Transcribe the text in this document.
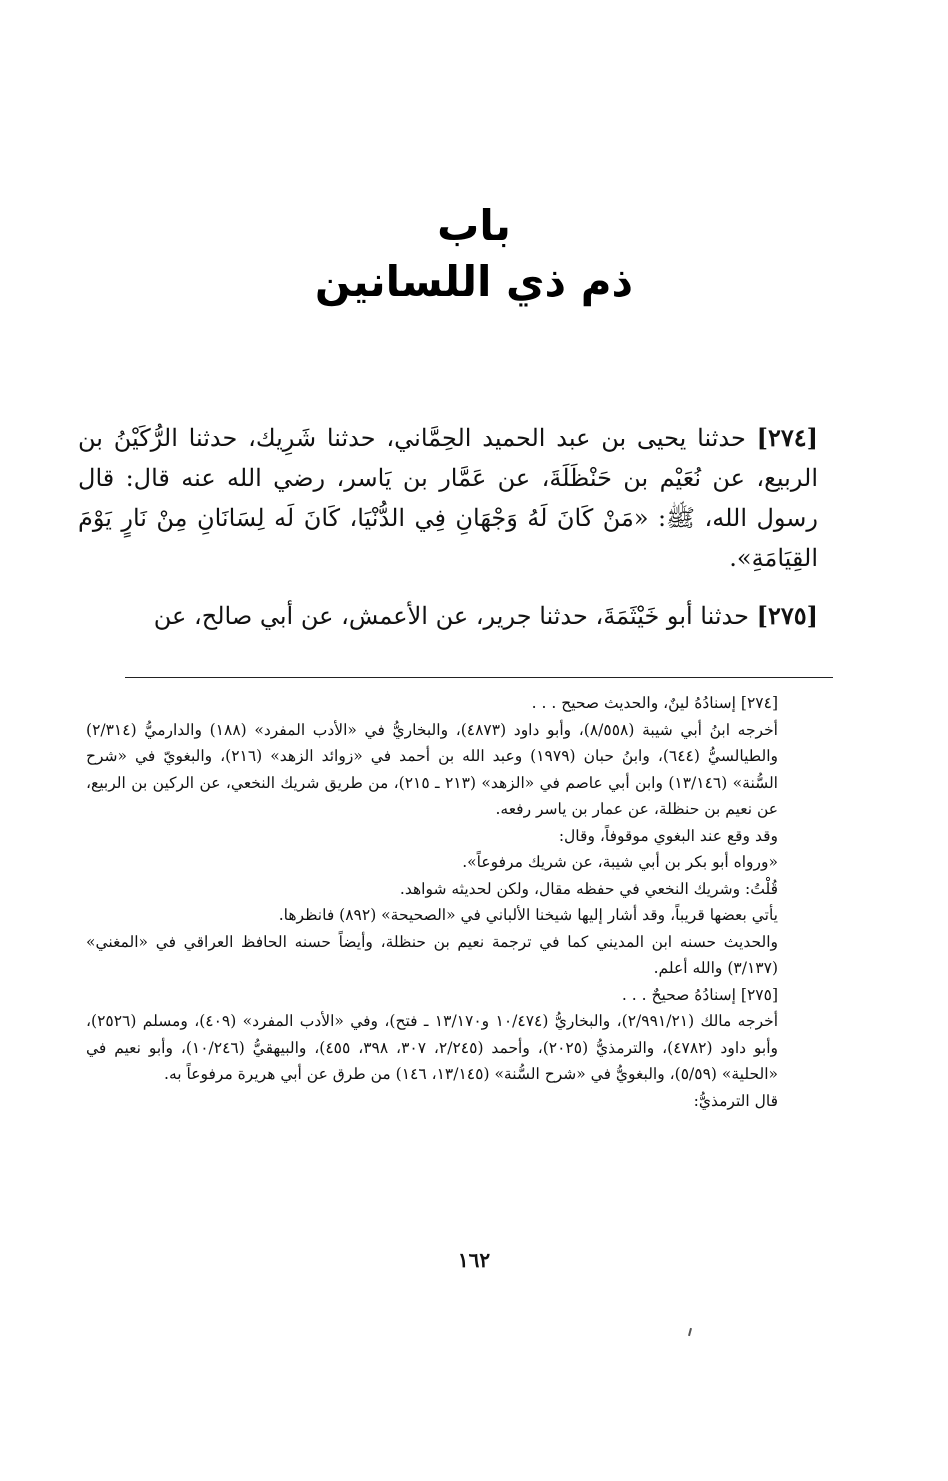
باب
ذم ذي اللسانين
[٢٧٤] حدثنا يحيى بن عبد الحميد الحِمَّاني، حدثنا شَرِيك، حدثنا الرُّكَيْنُ بن الربيع، عن نُعَيْم بن حَنْظَلَةَ، عن عَمَّار بن يَاسر، رضي الله عنه قال: قال رسول الله، ﷺ: «مَنْ كَانَ لَهُ وَجْهَانِ فِي الدُّنْيَا، كَانَ لَه لِسَانَانِ مِنْ نَارٍ يَوْمَ القِيَامَةِ».
[٢٧٥] حدثنا أبو خَيْثَمَةَ، حدثنا جرير، عن الأعمش، عن أبي صالح، عن

[٢٧٤] إسنادُهُ لينٌ، والحديث صحيح . . .

أخرجه ابنُ أبي شيبة (٨/٥٥٨)، وأبو داود (٤٨٧٣)، والبخاريُّ في «الأدب المفرد» (١٨٨) والدارميُّ (٢/٣١٤) والطيالسيُّ (٦٤٤)، وابنُ حبان (١٩٧٩) وعبد الله بن أحمد في «زوائد الزهد» (٢١٦)، والبغويّ في «شرح السُّنة» (١٣/١٤٦) وابن أبي عاصم في «الزهد» (٢١٣ ـ ٢١٥)، من طريق شريك النخعي، عن الركين بن الربيع، عن نعيم بن حنظلة، عن عمار بن ياسر رفعه.

وقد وقع عند البغوي موقوفاً، وقال:

«ورواه أبو بكر بن أبي شيبة، عن شريك مرفوعاً».

قُلْتُ: وشريك النخعي في حفظه مقال، ولكن لحديثه شواهد.

يأتي بعضها قريباً، وقد أشار إليها شيخنا الألباني في «الصحيحة» (٨٩٢) فانظرها.

والحديث حسنه ابن المديني كما في ترجمة نعيم بن حنظلة، وأيضاً حسنه الحافظ العراقي في «المغني» (٣/١٣٧) والله أعلم.

[٢٧٥] إسنادُهُ صحيحٌ . . .

أخرجه مالك (٢/٩٩١/٢١)، والبخاريُّ (١٠/٤٧٤ و١٣/١٧٠ ـ فتح)، وفي «الأدب المفرد» (٤٠٩)، ومسلم (٢٥٢٦)، وأبو داود (٤٧٨٢)، والترمذيُّ (٢٠٢٥)، وأحمد (٢/٢٤٥، ٣٠٧، ٣٩٨، ٤٥٥)، والبيهقيُّ (١٠/٢٤٦)، وأبو نعيم في «الحلية» (٥/٥٩)، والبغويُّ في «شرح السُّنة» (١٣/١٤٥، ١٤٦) من طرق عن أبي هريرة مرفوعاً به.

قال الترمذيُّ:

١٦٢
